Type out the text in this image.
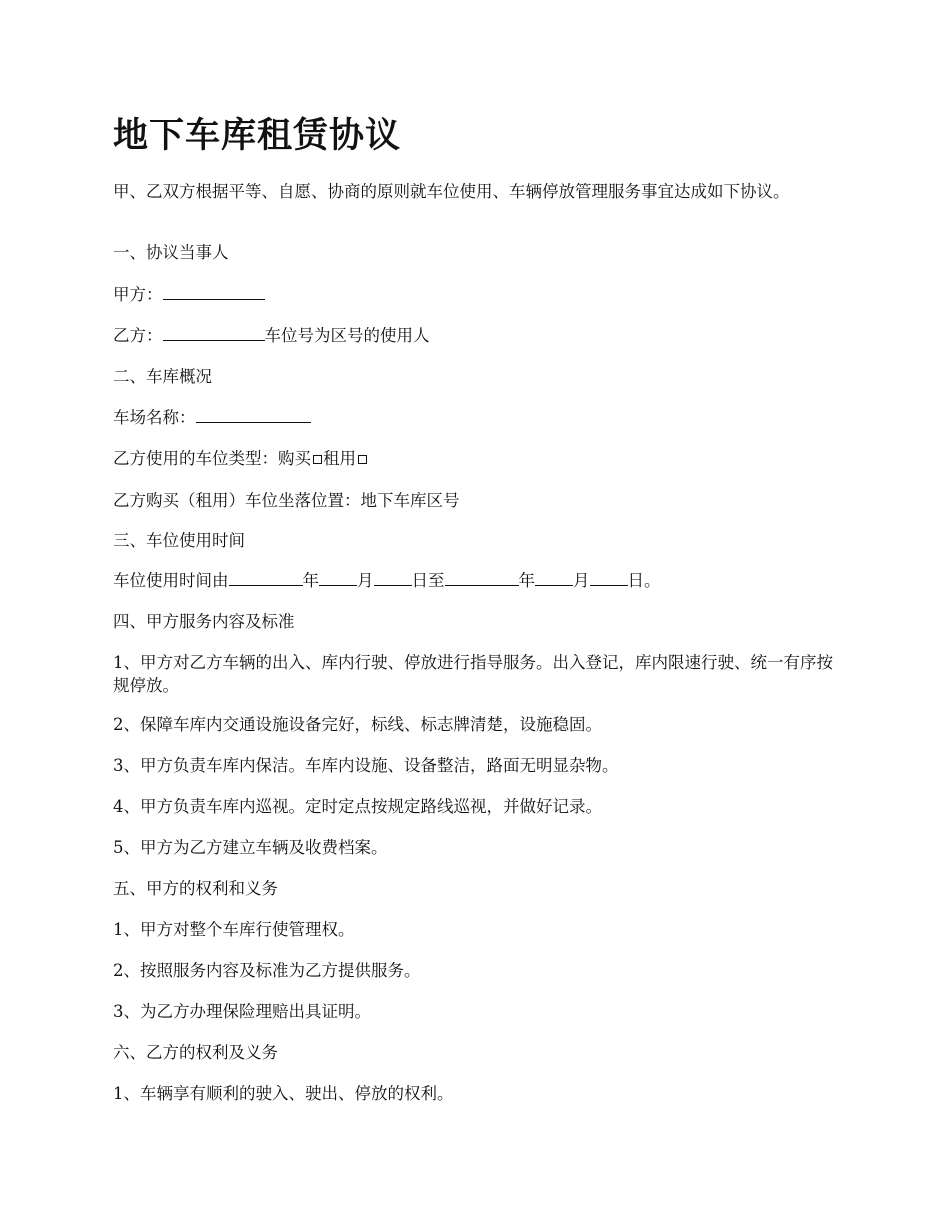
地下车库租赁协议

甲、乙双方根据平等、自愿、协商的原则就车位使用、车辆停放管理服务事宜达成如下协议。

一、协议当事人

甲方：

乙方：	车位号为区号的使用人

二、车库概况

车场名称：

乙方使用的车位类型：购买 租用

乙方购买（租用）车位坐落位置：地下车库区号

三、车位使用时间

车位使用时间由	年 月 日至	年 月 日。

四、甲方服务内容及标准

1、甲方对乙方车辆的出入、库内行驶、停放进行指导服务。出入登记，库内限速行驶、统一有序按规停放。

2、保障车库内交通设施设备完好，标线、标志牌清楚，设施稳固。

3、甲方负责车库内保洁。车库内设施、设备整洁，路面无明显杂物。

4、甲方负责车库内巡视。定时定点按规定路线巡视，并做好记录。

5、甲方为乙方建立车辆及收费档案。

五、甲方的权利和义务

1、甲方对整个车库行使管理权。

2、按照服务内容及标准为乙方提供服务。

3、为乙方办理保险理赔出具证明。

六、乙方的权利及义务

1、车辆享有顺利的驶入、驶出、停放的权利。
